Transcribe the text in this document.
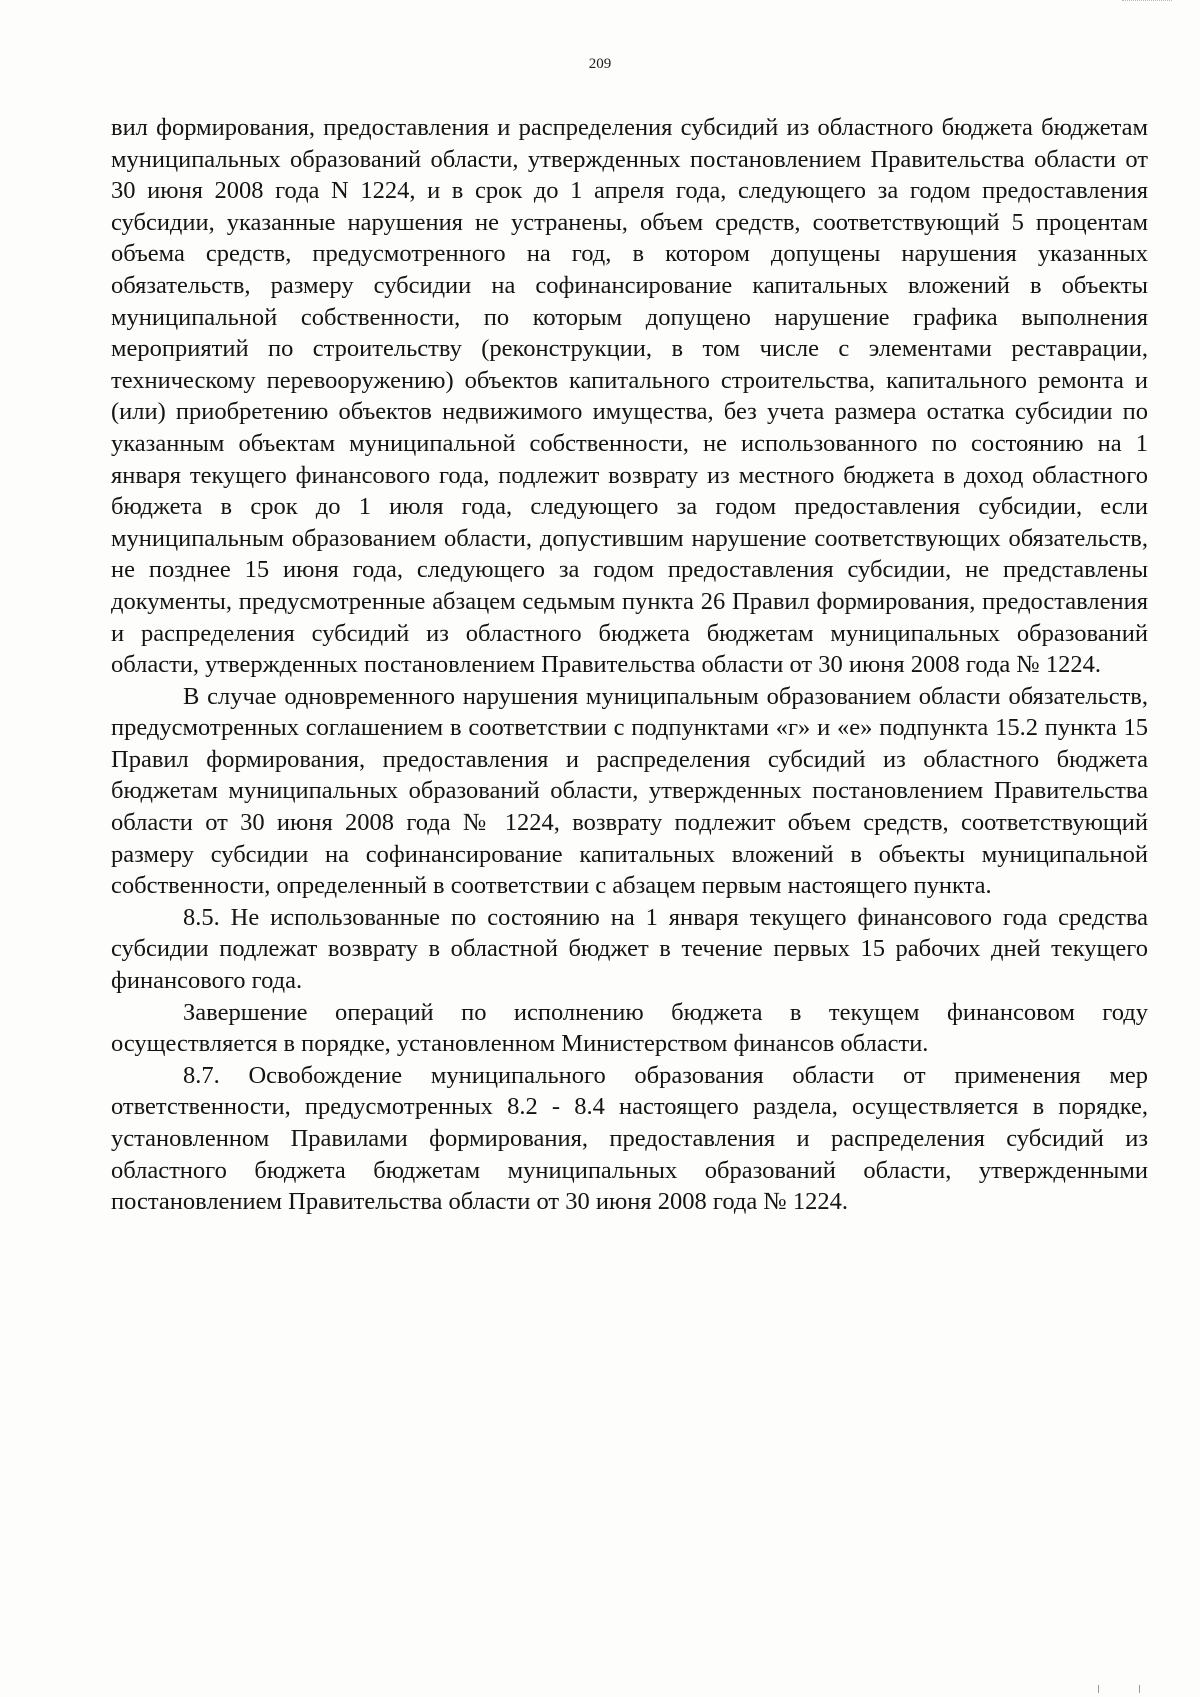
209

вил формирования, предоставления и распределения субсидий из областного бюджета бюджетам муниципальных образований области, утвержденных постановлением Правительства области от 30 июня 2008 года N 1224, и в срок до 1 апреля года, следующего за годом предоставления субсидии, указанные нарушения не устранены, объем средств, соответствующий 5 процентам объема средств, предусмотренного на год, в котором допущены нарушения указанных обязательств, размеру субсидии на софинансирование капитальных вложений в объекты муниципальной собственности, по которым допущено нарушение графика выполнения мероприятий по строительству (реконструкции, в том числе с элементами реставрации, техническому перевооружению) объектов капитального строительства, капитального ремонта и (или) приобретению объектов недвижимого имущества, без учета размера остатка субсидии по указанным объектам муниципальной собственности, не использованного по состоянию на 1 января текущего финансового года, подлежит возврату из местного бюджета в доход областного бюджета в срок до 1 июля года, следующего за годом предоставления субсидии, если муниципальным образованием области, допустившим нарушение соответствующих обязательств, не позднее 15 июня года, следующего за годом предоставления субсидии, не представлены документы, предусмотренные абзацем седьмым пункта 26 Правил формирования, предоставления и распределения субсидий из областного бюджета бюджетам муниципальных образований области, утвержденных постановлением Правительства области от 30 июня 2008 года № 1224.

В случае одновременного нарушения муниципальным образованием области обязательств, предусмотренных соглашением в соответствии с подпунктами «г» и «е» подпункта 15.2 пункта 15 Правил формирования, предоставления и распределения субсидий из областного бюджета бюджетам муниципальных образований области, утвержденных постановлением Правительства области от 30 июня 2008 года № 1224, возврату подлежит объем средств, соответствующий размеру субсидии на софинансирование капитальных вложений в объекты муниципальной собственности, определенный в соответствии с абзацем первым настоящего пункта.

8.5. Не использованные по состоянию на 1 января текущего финансового года средства субсидии подлежат возврату в областной бюджет в течение первых 15 рабочих дней текущего финансового года.

Завершение операций по исполнению бюджета в текущем финансовом году осуществляется в порядке, установленном Министерством финансов области.

8.7. Освобождение муниципального образования области от применения мер ответственности, предусмотренных 8.2 - 8.4 настоящего раздела, осуществляется в порядке, установленном Правилами формирования, предоставления и распределения субсидий из областного бюджета бюджетам муниципальных образований области, утвержденными постановлением Правительства области от 30 июня 2008 года № 1224.
